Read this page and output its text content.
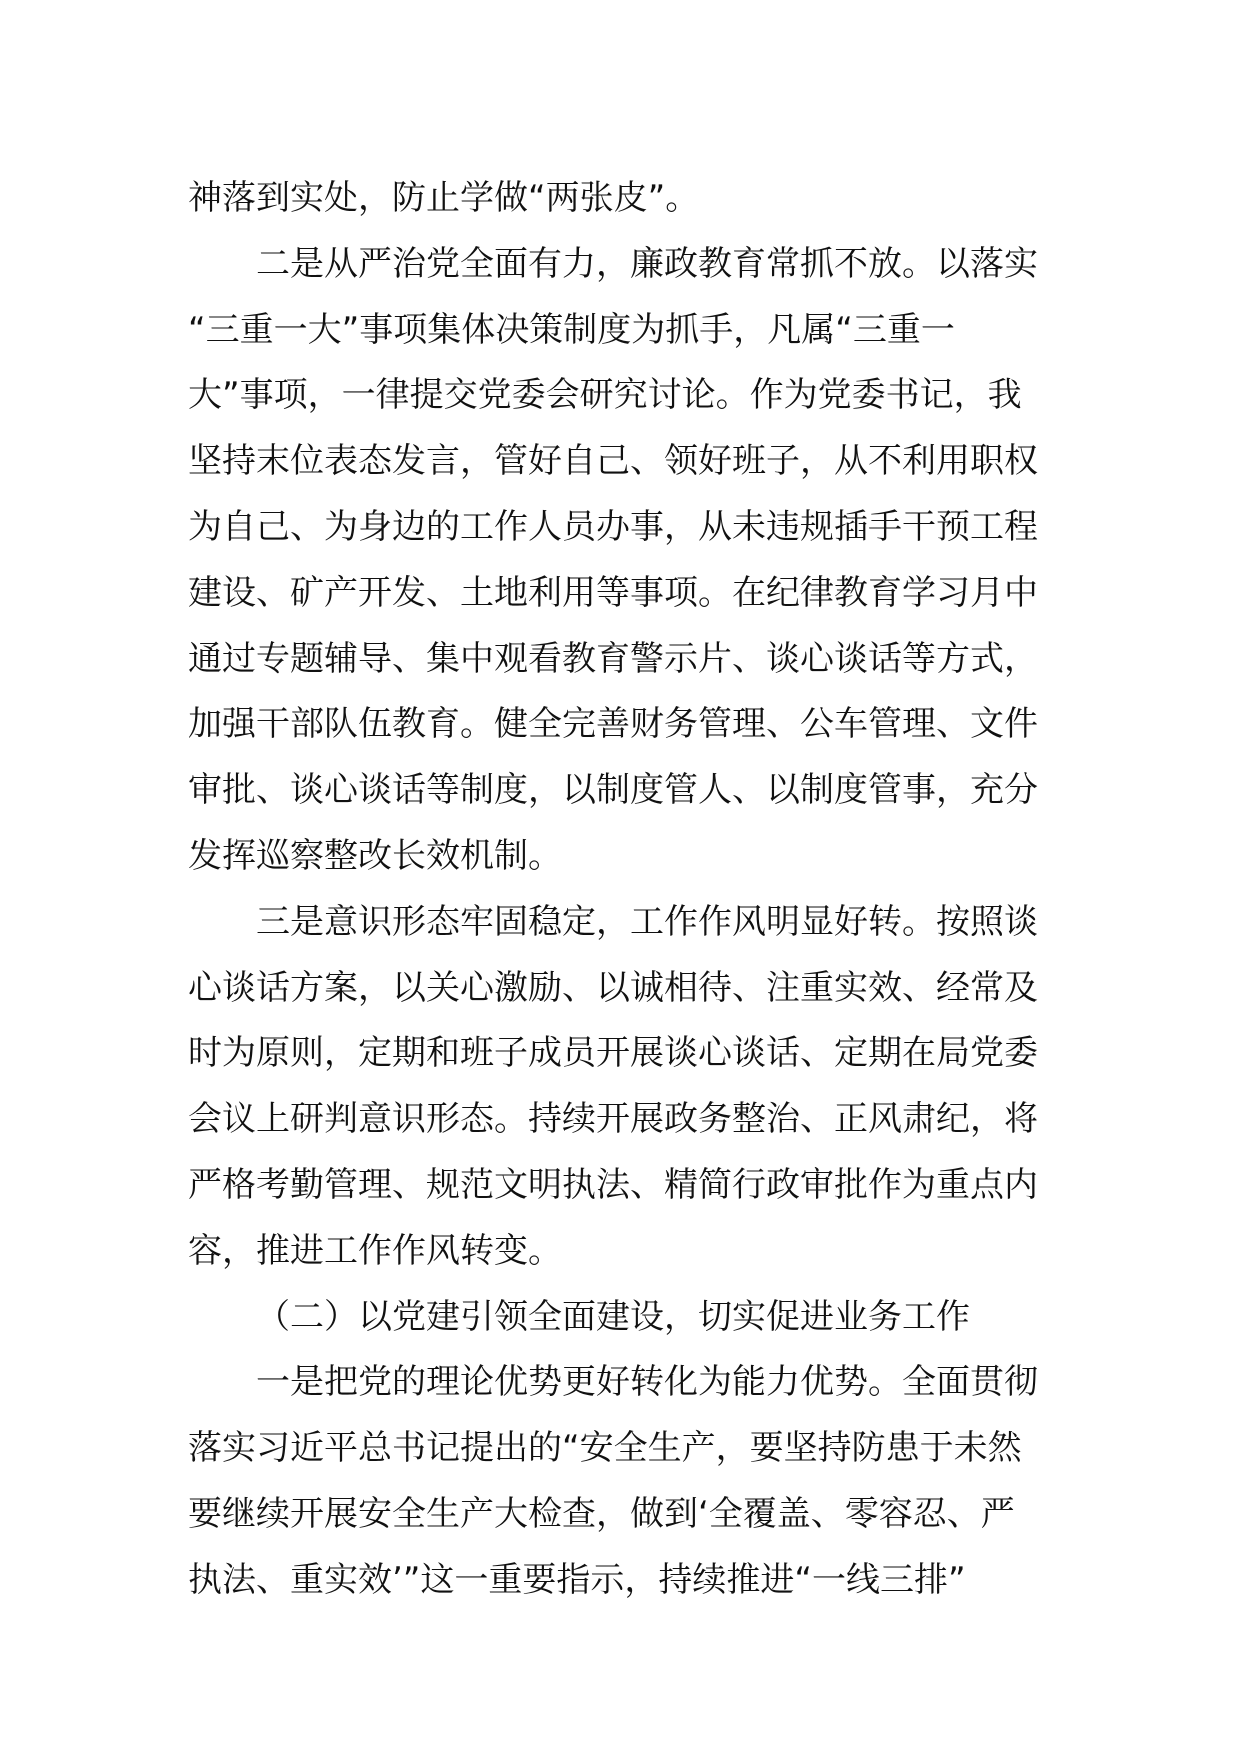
神落到实处，防止学做“两张皮”。
二是从严治党全面有力，廉政教育常抓不放。以落实
“三重一大”事项集体决策制度为抓手，凡属“三重一
大”事项，一律提交党委会研究讨论。作为党委书记，我
坚持末位表态发言，管好自己、领好班子，从不利用职权
为自己、为身边的工作人员办事，从未违规插手干预工程
建设、矿产开发、土地利用等事项。在纪律教育学习月中
通过专题辅导、集中观看教育警示片、谈心谈话等方式，
加强干部队伍教育。健全完善财务管理、公车管理、文件
审批、谈心谈话等制度，以制度管人、以制度管事，充分
发挥巡察整改长效机制。
三是意识形态牢固稳定，工作作风明显好转。按照谈
心谈话方案，以关心激励、以诚相待、注重实效、经常及
时为原则，定期和班子成员开展谈心谈话、定期在局党委
会议上研判意识形态。持续开展政务整治、正风肃纪，将
严格考勤管理、规范文明执法、精简行政审批作为重点内
容，推进工作作风转变。
（二）以党建引领全面建设，切实促进业务工作
一是把党的理论优势更好转化为能力优势。全面贯彻
落实习近平总书记提出的“安全生产，要坚持防患于未然
要继续开展安全生产大检查，做到‘全覆盖、零容忍、严
执法、重实效’”这一重要指示，持续推进“一线三排”
